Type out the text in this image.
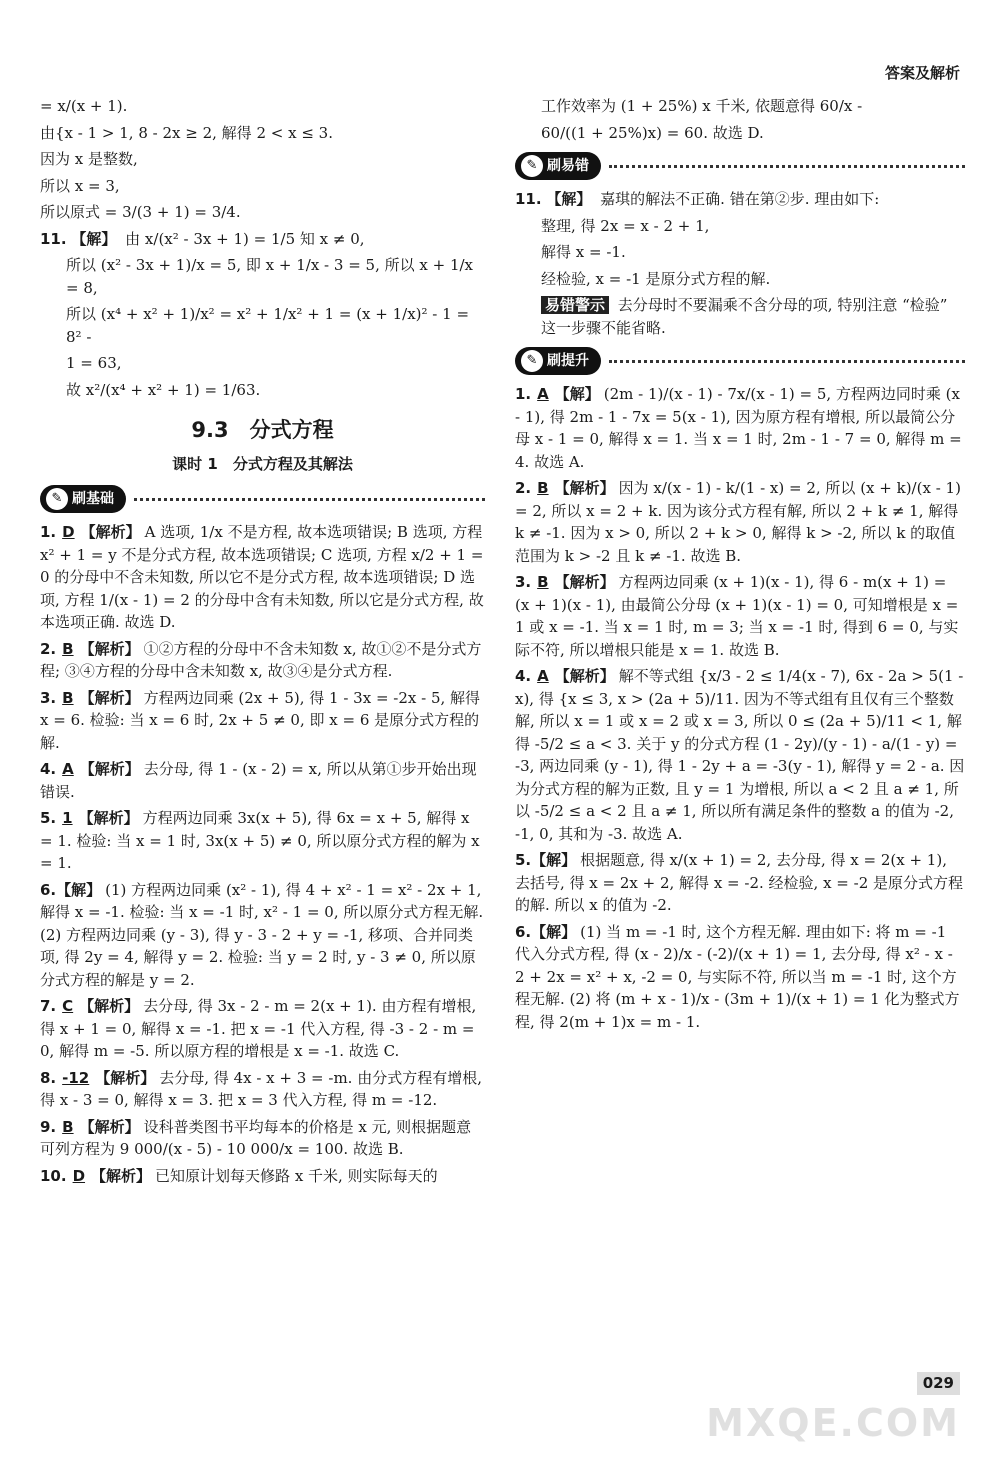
答案及解析
= x/(x + 1).
由{x - 1 > 1, 8 - 2x ≥ 2, 解得 2 < x ≤ 3.
因为 x 是整数,
所以 x = 3,
所以原式 = 3/(3 + 1) = 3/4.
11. 【解】 由 x/(x² - 3x + 1) = 1/5 知 x ≠ 0,
所以 (x² - 3x + 1)/x = 5, 即 x + 1/x - 3 = 5, 所以 x + 1/x = 8,
所以 (x⁴ + x² + 1)/x² = x² + 1/x² + 1 = (x + 1/x)² - 1 = 8² -
1 = 63,
故 x²/(x⁴ + x² + 1) = 1/63.
9.3　分式方程
课时 1　分式方程及其解法
✎ 刷基础
1. D 【解析】 A 选项, 1/x 不是方程, 故本选项错误; B 选项, 方程 x² + 1 = y 不是分式方程, 故本选项错误; C 选项, 方程 x/2 + 1 = 0 的分母中不含未知数, 所以它不是分式方程, 故本选项错误; D 选项, 方程 1/(x - 1) = 2 的分母中含有未知数, 所以它是分式方程, 故本选项正确. 故选 D.
2. B 【解析】 ①②方程的分母中不含未知数 x, 故①②不是分式方程; ③④方程的分母中含未知数 x, 故③④是分式方程.
3. B 【解析】 方程两边同乘 (2x + 5), 得 1 - 3x = -2x - 5, 解得 x = 6. 检验: 当 x = 6 时, 2x + 5 ≠ 0, 即 x = 6 是原分式方程的解.
4. A 【解析】 去分母, 得 1 - (x - 2) = x, 所以从第①步开始出现错误.
5. 1 【解析】 方程两边同乘 3x(x + 5), 得 6x = x + 5, 解得 x = 1. 检验: 当 x = 1 时, 3x(x + 5) ≠ 0, 所以原分式方程的解为 x = 1.
6.【解】 (1) 方程两边同乘 (x² - 1), 得 4 + x² - 1 = x² - 2x + 1, 解得 x = -1. 检验: 当 x = -1 时, x² - 1 = 0, 所以原分式方程无解. (2) 方程两边同乘 (y - 3), 得 y - 3 - 2 + y = -1, 移项、合并同类项, 得 2y = 4, 解得 y = 2. 检验: 当 y = 2 时, y - 3 ≠ 0, 所以原分式方程的解是 y = 2.
7. C 【解析】 去分母, 得 3x - 2 - m = 2(x + 1). 由方程有增根, 得 x + 1 = 0, 解得 x = -1. 把 x = -1 代入方程, 得 -3 - 2 - m = 0, 解得 m = -5. 所以原方程的增根是 x = -1. 故选 C.
8. -12 【解析】 去分母, 得 4x - x + 3 = -m. 由分式方程有增根, 得 x - 3 = 0, 解得 x = 3. 把 x = 3 代入方程, 得 m = -12.
9. B 【解析】 设科普类图书平均每本的价格是 x 元, 则根据题意可列方程为 9 000/(x - 5) - 10 000/x = 100. 故选 B.
10. D 【解析】 已知原计划每天修路 x 千米, 则实际每天的
工作效率为 (1 + 25%) x 千米, 依题意得 60/x -
60/((1 + 25%)x) = 60. 故选 D.
✎ 刷易错
11. 【解】 嘉琪的解法不正确. 错在第②步. 理由如下:
整理, 得 2x = x - 2 + 1,
解得 x = -1.
经检验, x = -1 是原分式方程的解.
易错警示 去分母时不要漏乘不含分母的项, 特别注意 “检验” 这一步骤不能省略.
✎ 刷提升
1. A 【解】 (2m - 1)/(x - 1) - 7x/(x - 1) = 5, 方程两边同时乘 (x - 1), 得 2m - 1 - 7x = 5(x - 1), 因为原方程有增根, 所以最简公分母 x - 1 = 0, 解得 x = 1. 当 x = 1 时, 2m - 1 - 7 = 0, 解得 m = 4. 故选 A.
2. B 【解析】 因为 x/(x - 1) - k/(1 - x) = 2, 所以 (x + k)/(x - 1) = 2, 所以 x = 2 + k. 因为该分式方程有解, 所以 2 + k ≠ 1, 解得 k ≠ -1. 因为 x > 0, 所以 2 + k > 0, 解得 k > -2, 所以 k 的取值范围为 k > -2 且 k ≠ -1. 故选 B.
3. B 【解析】 方程两边同乘 (x + 1)(x - 1), 得 6 - m(x + 1) = (x + 1)(x - 1), 由最简公分母 (x + 1)(x - 1) = 0, 可知增根是 x = 1 或 x = -1. 当 x = 1 时, m = 3; 当 x = -1 时, 得到 6 = 0, 与实际不符, 所以增根只能是 x = 1. 故选 B.
4. A 【解析】 解不等式组 {x/3 - 2 ≤ 1/4(x - 7), 6x - 2a > 5(1 - x), 得 {x ≤ 3, x > (2a + 5)/11. 因为不等式组有且仅有三个整数解, 所以 x = 1 或 x = 2 或 x = 3, 所以 0 ≤ (2a + 5)/11 < 1, 解得 -5/2 ≤ a < 3. 关于 y 的分式方程 (1 - 2y)/(y - 1) - a/(1 - y) = -3, 两边同乘 (y - 1), 得 1 - 2y + a = -3(y - 1), 解得 y = 2 - a. 因为分式方程的解为正数, 且 y = 1 为增根, 所以 a < 2 且 a ≠ 1, 所以 -5/2 ≤ a < 2 且 a ≠ 1, 所以所有满足条件的整数 a 的值为 -2, -1, 0, 其和为 -3. 故选 A.
5.【解】 根据题意, 得 x/(x + 1) = 2, 去分母, 得 x = 2(x + 1), 去括号, 得 x = 2x + 2, 解得 x = -2. 经检验, x = -2 是原分式方程的解. 所以 x 的值为 -2.
6.【解】 (1) 当 m = -1 时, 这个方程无解. 理由如下: 将 m = -1 代入分式方程, 得 (x - 2)/x - (-2)/(x + 1) = 1, 去分母, 得 x² - x - 2 + 2x = x² + x, -2 = 0, 与实际不符, 所以当 m = -1 时, 这个方程无解. (2) 将 (m + x - 1)/x - (3m + 1)/(x + 1) = 1 化为整式方程, 得 2(m + 1)x = m - 1.
029
MXQE.COM
